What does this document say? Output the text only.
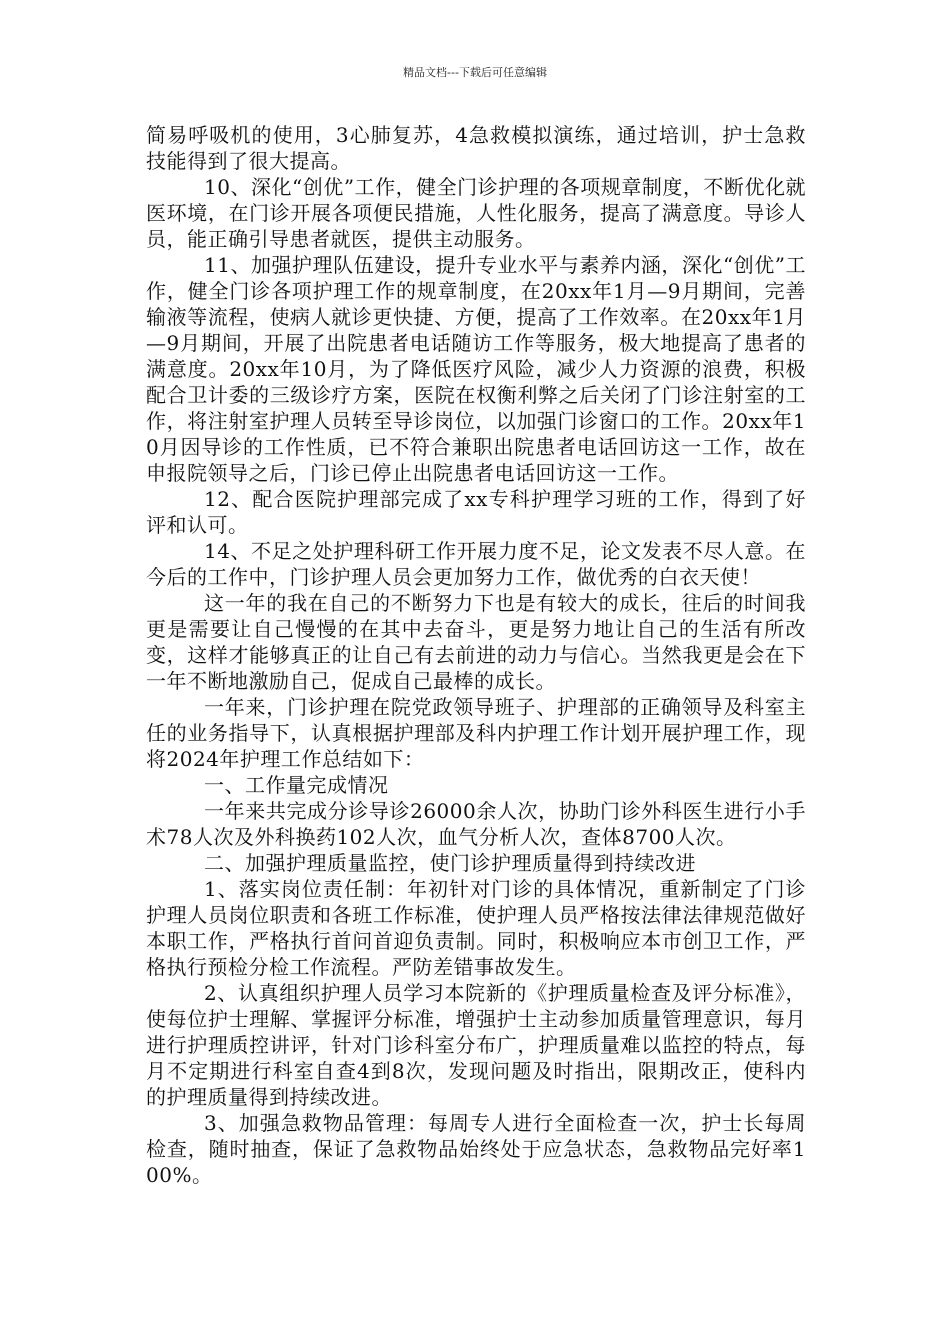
精品文档---下载后可任意编辑

简易呼吸机的使用，3心肺复苏，4急救模拟演练，通过培训，护士急救技能得到了很大提高。

10、深化“创优”工作，健全门诊护理的各项规章制度，不断优化就医环境，在门诊开展各项便民措施，人性化服务，提高了满意度。导诊人员，能正确引导患者就医，提供主动服务。

11、加强护理队伍建设，提升专业水平与素养内涵，深化“创优”工作，健全门诊各项护理工作的规章制度，在20xx年1月—9月期间，完善输液等流程，使病人就诊更快捷、方便，提高了工作效率。在20xx年1月—9月期间，开展了出院患者电话随访工作等服务，极大地提高了患者的满意度。20xx年10月，为了降低医疗风险，减少人力资源的浪费，积极配合卫计委的三级诊疗方案，医院在权衡利弊之后关闭了门诊注射室的工作，将注射室护理人员转至导诊岗位，以加强门诊窗口的工作。20xx年10月因导诊的工作性质，已不符合兼职出院患者电话回访这一工作，故在申报院领导之后，门诊已停止出院患者电话回访这一工作。

12、配合医院护理部完成了xx专科护理学习班的工作，得到了好评和认可。

14、不足之处护理科研工作开展力度不足，论文发表不尽人意。在今后的工作中，门诊护理人员会更加努力工作，做优秀的白衣天使！

这一年的我在自己的不断努力下也是有较大的成长，往后的时间我更是需要让自己慢慢的在其中去奋斗，更是努力地让自己的生活有所改变，这样才能够真正的让自己有去前进的动力与信心。当然我更是会在下一年不断地激励自己，促成自己最棒的成长。

一年来，门诊护理在院党政领导班子、护理部的正确领导及科室主任的业务指导下，认真根据护理部及科内护理工作计划开展护理工作，现将2024年护理工作总结如下：

一、工作量完成情况

一年来共完成分诊导诊26000余人次，协助门诊外科医生进行小手术78人次及外科换药102人次，血气分析人次，查体8700人次。

二、加强护理质量监控，使门诊护理质量得到持续改进

1、落实岗位责任制：年初针对门诊的具体情况，重新制定了门诊护理人员岗位职责和各班工作标准，使护理人员严格按法律法律规范做好本职工作，严格执行首问首迎负责制。同时，积极响应本市创卫工作，严格执行预检分检工作流程。严防差错事故发生。

2、认真组织护理人员学习本院新的《护理质量检查及评分标准》，使每位护士理解、掌握评分标准，增强护士主动参加质量管理意识，每月进行护理质控讲评，针对门诊科室分布广，护理质量难以监控的特点，每月不定期进行科室自查4到8次，发现问题及时指出，限期改正，使科内的护理质量得到持续改进。

3、加强急救物品管理：每周专人进行全面检查一次，护士长每周检查，随时抽查，保证了急救物品始终处于应急状态，急救物品完好率100%。
